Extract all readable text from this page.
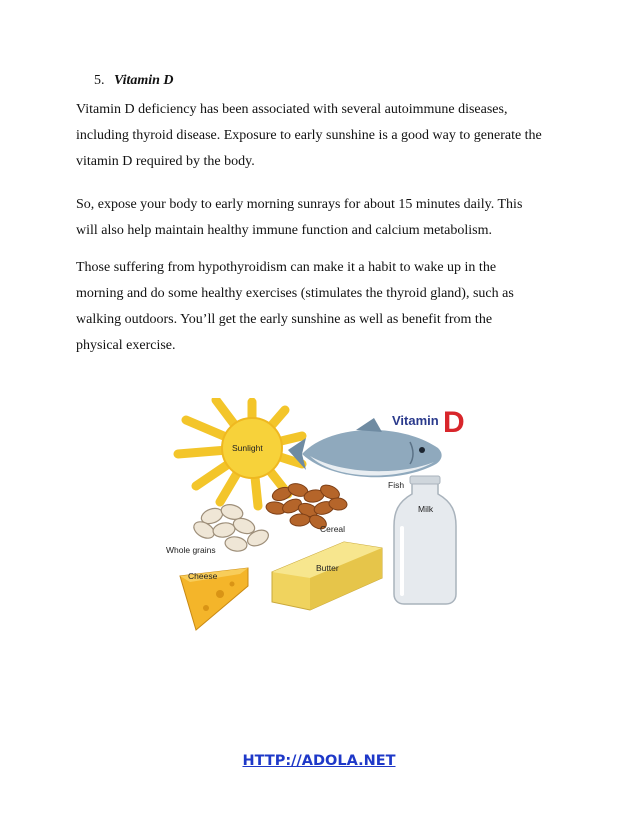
5. Vitamin D

Vitamin D deficiency has been associated with several autoimmune diseases,
including thyroid disease. Exposure to early sunshine is a good way to generate the
vitamin D required by the body.

So, expose your body to early morning sunrays for about 15 minutes daily. This
will also help maintain healthy immune function and calcium metabolism.

Those suffering from hypothyroidism can make it a habit to wake up in the
morning and do some healthy exercises (stimulates the thyroid gland), such as
walking outdoors. You’ll get the early sunshine as well as benefit from the
physical exercise.

Sunlight
Vitamin D
Fish
Cereal
Milk
Whole grains
Butter
Cheese
HTTP://ADOLA.NET
